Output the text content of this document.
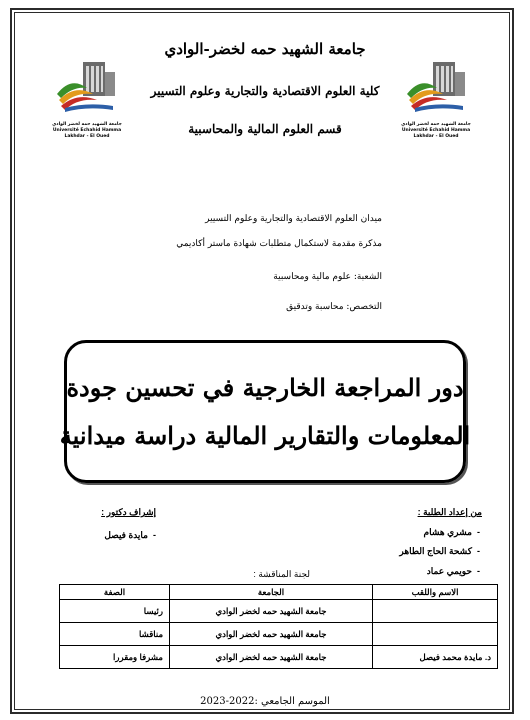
جامعة الشهيد حمه لخضر الوادي
Université Echahid Hamma Lakhdar - El Oued
جامعة الشهيد حمه لخضر الوادي
Université Echahid Hamma Lakhdar - El Oued
جامعة الشهيد حمه لخضر-الوادي
كلية العلوم الاقتصادية والتجارية وعلوم التسيير
قسم العلوم المالية والمحاسبية
ميدان العلوم الاقتصادية والتجارية وعلوم التسيير
مذكرة مقدمة لاستكمال متطلبات شهادة ماستر أكاديمي
الشعبة: علوم مالية ومحاسبية
التخصص: محاسبة وتدقيق
دور المراجعة الخارجية في تحسين جودة
المعلومات والتقارير المالية دراسة ميدانية
من إعداد الطلبة :
-  مشري هشام
-  كشحة الحاج الطاهر
-  حويمي عماد
إشراف دكتور :
-  مايدة فيصل
لجنة المناقشة :
الاسم واللقب	الجامعة	الصفة
	جامعة الشهيد حمه لخضر الوادي	رئيسا
	جامعة الشهيد حمه لخضر الوادي	مناقشا
د. مايدة محمد فيصل	جامعة الشهيد حمه لخضر الوادي	مشرفا ومقررا
الموسم الجامعي :2022-2023
